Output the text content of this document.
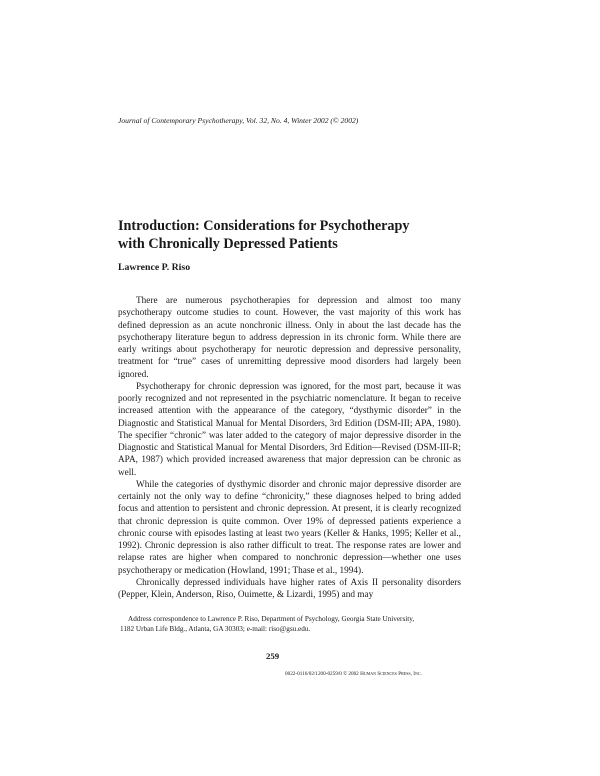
Journal of Contemporary Psychotherapy, Vol. 32, No. 4, Winter 2002 (© 2002)
Introduction: Considerations for Psychotherapy
with Chronically Depressed Patients
Lawrence P. Riso

There are numerous psychotherapies for depression and almost too many psychotherapy outcome studies to count. However, the vast majority of this work has defined depression as an acute nonchronic illness. Only in about the last decade has the psychotherapy literature begun to address depression in its chronic form. While there are early writings about psychotherapy for neurotic depression and depressive personality, treatment for “true” cases of unremitting depressive mood disorders had largely been ignored.

Psychotherapy for chronic depression was ignored, for the most part, because it was poorly recognized and not represented in the psychiatric nomenclature. It began to receive increased attention with the appearance of the category, “dysthymic disorder” in the Diagnostic and Statistical Manual for Mental Disorders, 3rd Edition (DSM-III; APA, 1980). The specifier “chronic” was later added to the category of major depressive disorder in the Diagnostic and Statistical Manual for Mental Disorders, 3rd Edition—Revised (DSM-III-R; APA, 1987) which provided increased awareness that major depression can be chronic as well.

While the categories of dysthymic disorder and chronic major depressive disorder are certainly not the only way to define “chronicity,” these diagnoses helped to bring added focus and attention to persistent and chronic depression. At present, it is clearly recognized that chronic depression is quite common. Over 19% of depressed patients experience a chronic course with episodes lasting at least two years (Keller & Hanks, 1995; Keller et al., 1992). Chronic depression is also rather difficult to treat. The response rates are lower and relapse rates are higher when compared to nonchronic depression—whether one uses psychotherapy or medication (Howland, 1991; Thase et al., 1994).

Chronically depressed individuals have higher rates of Axis II personality disorders (Pepper, Klein, Anderson, Riso, Ouimette, & Lizardi, 1995) and may

Address correspondence to Lawrence P. Riso, Department of Psychology, Georgia State University,
1182 Urban Life Bldg., Atlanta, GA 30303; e-mail: riso@gsu.edu.
259
0022-0116/02/1200-0259/0 © 2002 Human Sciences Press, Inc.
